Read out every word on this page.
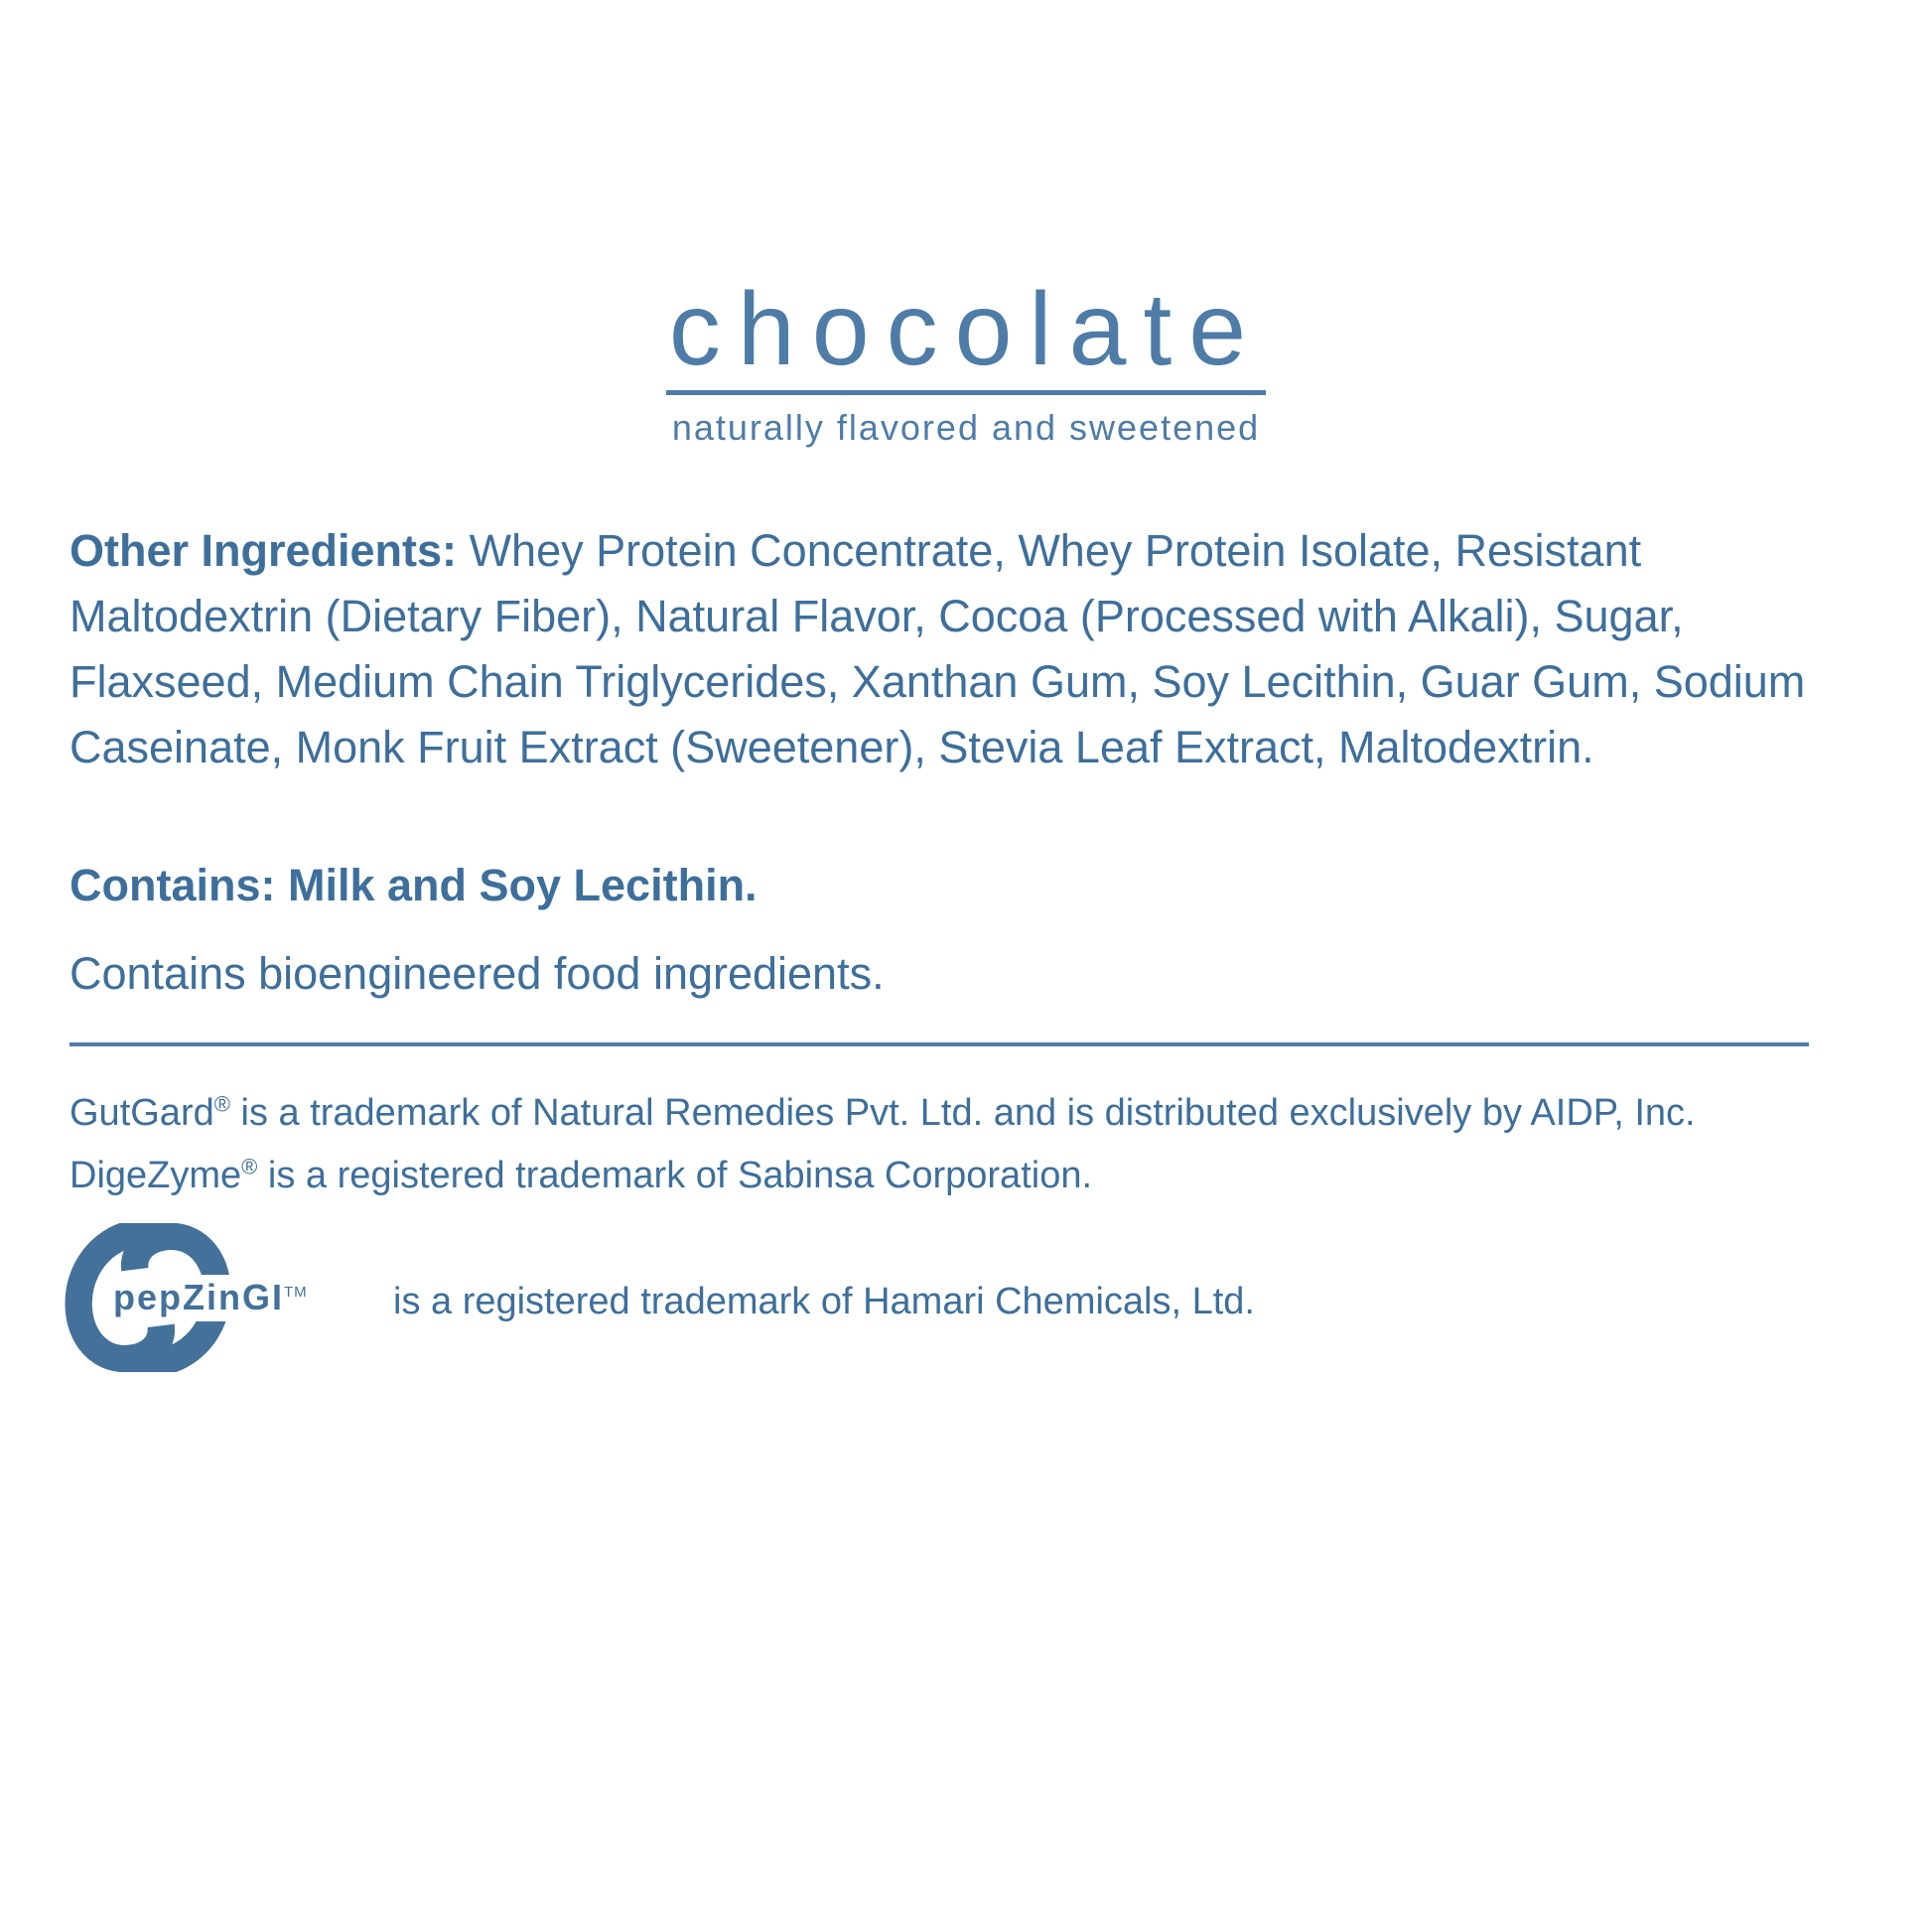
chocolate
naturally flavored and sweetened

Other Ingredients: Whey Protein Concentrate, Whey Protein Isolate, Resistant Maltodextrin (Dietary Fiber), Natural Flavor, Cocoa (Processed with Alkali), Sugar, Flaxseed, Medium Chain Triglycerides, Xanthan Gum, Soy Lecithin, Guar Gum, Sodium Caseinate, Monk Fruit Extract (Sweetener), Stevia Leaf Extract, Maltodextrin.

Contains: Milk and Soy Lecithin.
Contains bioengineered food ingredients.
GutGard® is a trademark of Natural Remedies Pvt. Ltd. and is distributed exclusively by AIDP, Inc.
DigeZyme® is a registered trademark of Sabinsa Corporation.
pepZinGI™ is a registered trademark of Hamari Chemicals, Ltd.
